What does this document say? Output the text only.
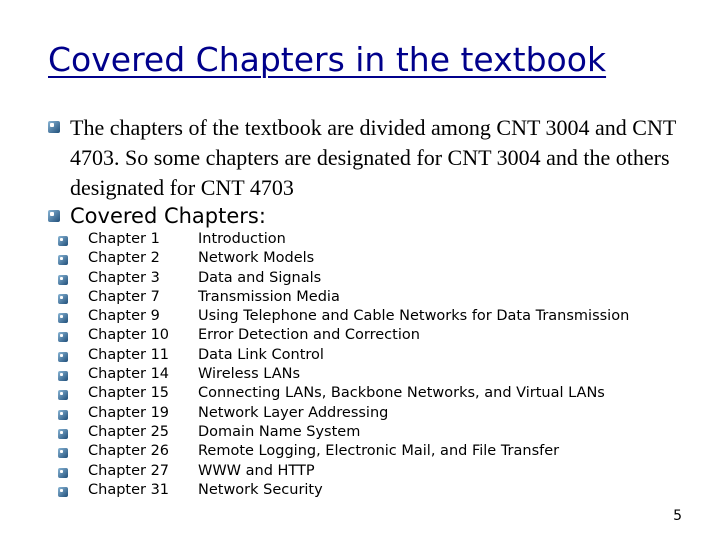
Covered Chapters in the textbook
The chapters of the textbook are divided among CNT 3004 and CNT 4703. So some chapters are designated for CNT 3004 and the others designated for CNT 4703
Covered Chapters:
Chapter 1	Introduction
Chapter 2	Network Models
Chapter 3	Data and Signals
Chapter 7	Transmission Media
Chapter 9	Using Telephone and Cable Networks for Data Transmission
Chapter 10 Error Detection and Correction
Chapter 11 Data Link Control
Chapter 14 Wireless LANs
Chapter 15 Connecting LANs, Backbone Networks, and Virtual LANs
Chapter 19 Network Layer Addressing
Chapter 25 Domain Name System
Chapter 26 Remote Logging, Electronic Mail, and File Transfer
Chapter 27 WWW and HTTP
Chapter 31 Network Security
5
